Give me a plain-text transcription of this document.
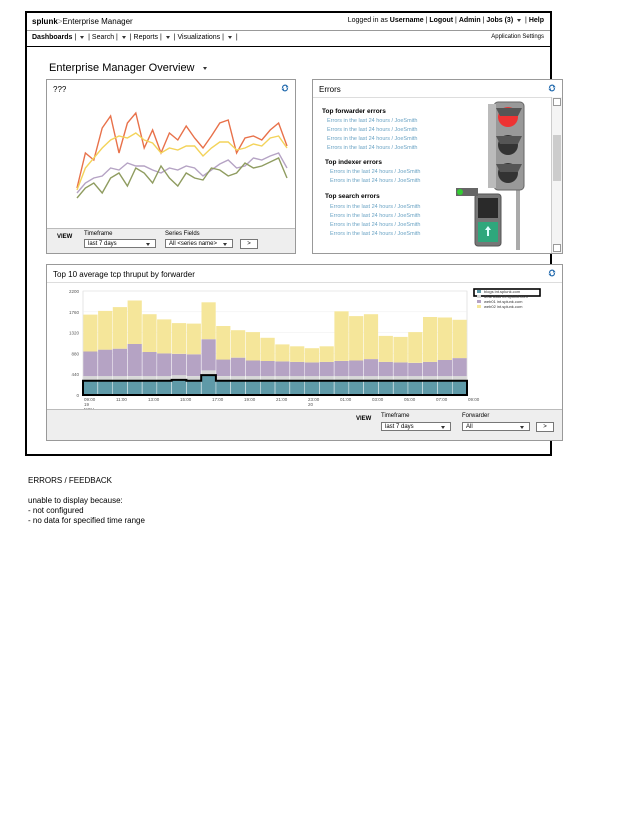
splunk>Enterprise Manager	Logged in as Username | Logout | Admin | Jobs (3)  | Help
Dashboards |  | Search |  | Reports |  | Visualizations |  |	Application Settings
Enterprise Manager Overview
???
VIEW Timeframe
last 7 days
Series Fields
All <series name>	>
Errors
Top forwarder errors
Errors in the last 24 hours / JoeSmith
Errors in the last 24 hours / JoeSmith
Errors in the last 24 hours / JoeSmith
Errors in the last 24 hours / JoeSmith
Top indexer errors
Errors in the last 24 hours / JoeSmith
Errors in the last 24 hours / JoeSmith
Top search errors
Errors in the last 24 hours / JoeSmith
Errors in the last 24 hours / JoeSmith
Errors in the last 24 hours / JoeSmith
Errors in the last 24 hours / JoeSmith
Top 10 average tcp thruput by forwarder
0
440
880
1320
1760
2200
09:00
19
11:00	13:00	15:00	17:00	19:00	21:00	23:00
20
01:00	03:00	05:00	07:00	09:00
blogs int.splunk.com
download int.splunk.com
web01 int.splunk.com
web02 int.splunk.com
VIEW Timeframe
last 7 days
Forwarder
All	>
ERRORS / FEEDBACK
unable to display because:
- not configured
- no data for specified time range
